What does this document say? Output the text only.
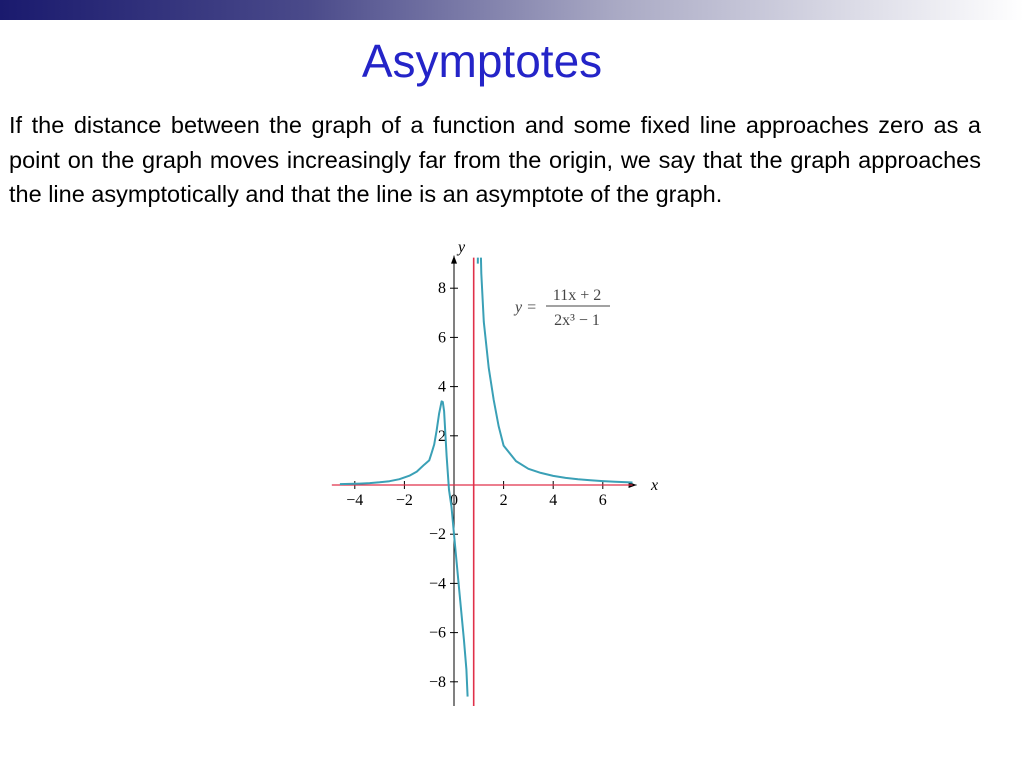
Asymptotes
If the distance between the graph of a function and some fixed line approaches zero as a point on the graph moves increasingly far from the origin, we say that the graph approaches the line asymptotically and that the line is an asymptote of the graph.
−4 −2 0	2	4	6
8
6
4
2
−2
−4
−6
−8
x
y
y =
11x + 2
2x³ − 1
